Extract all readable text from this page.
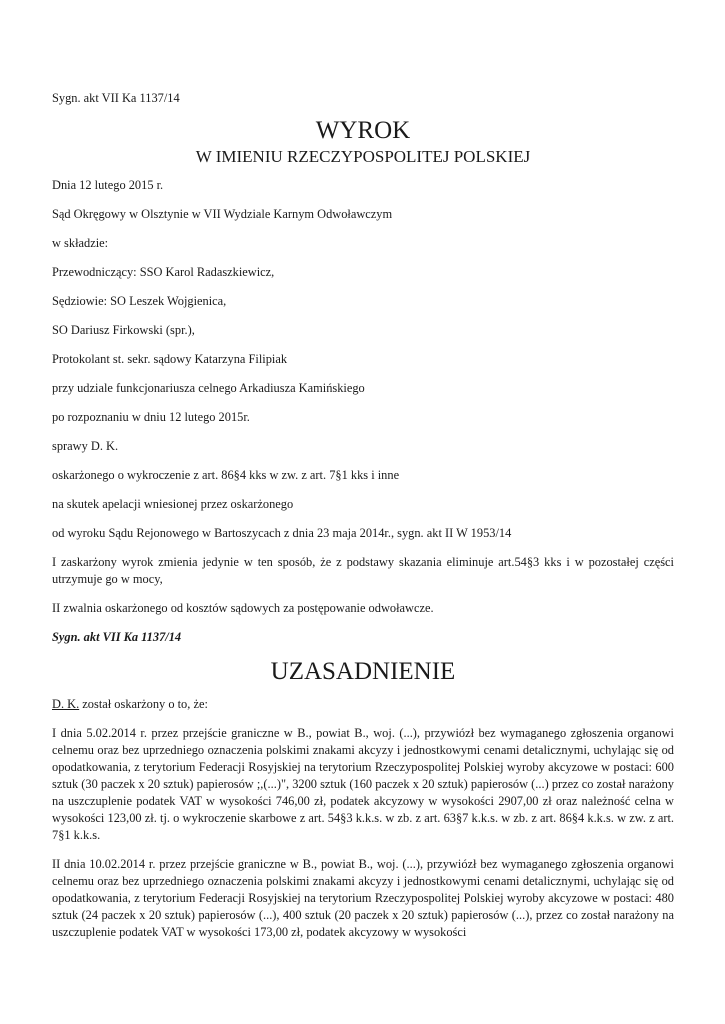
Sygn. akt VII Ka 1137/14

WYROK
W IMIENIU RZECZYPOSPOLITEJ POLSKIEJ

Dnia 12 lutego 2015 r.

Sąd Okręgowy w Olsztynie w VII Wydziale Karnym Odwoławczym

w składzie:

Przewodniczący: SSO Karol Radaszkiewicz,

Sędziowie: SO Leszek Wojgienica,

SO Dariusz Firkowski (spr.),

Protokolant st. sekr. sądowy Katarzyna Filipiak

przy udziale funkcjonariusza celnego Arkadiusza Kamińskiego

po rozpoznaniu w dniu 12 lutego 2015r.

sprawy D. K.

oskarżonego o wykroczenie z art. 86§4 kks w zw. z art. 7§1 kks i inne

na skutek apelacji wniesionej przez oskarżonego

od wyroku Sądu Rejonowego w Bartoszycach z dnia 23 maja 2014r., sygn. akt II W 1953/14

I zaskarżony wyrok zmienia jedynie w ten sposób, że z podstawy skazania eliminuje art.54§3 kks i w pozostałej części utrzymuje go w mocy,

II zwalnia oskarżonego od kosztów sądowych za postępowanie odwoławcze.

Sygn. akt VII Ka 1137/14

UZASADNIENIE

D. K. został oskarżony o to, że:

I dnia 5.02.2014 r. przez przejście graniczne w B., powiat B., woj. (...), przywiózł bez wymaganego zgłoszenia organowi celnemu oraz bez uprzedniego oznaczenia polskimi znakami akcyzy i jednostkowymi cenami detalicznymi, uchylając się od opodatkowania, z terytorium Federacji Rosyjskiej na terytorium Rzeczypospolitej Polskiej wyroby akcyzowe w postaci: 600 sztuk (30 paczek x 20 sztuk) papierosów ;,(...)", 3200 sztuk (160 paczek x 20 sztuk) papierosów (...) przez co został narażony na uszczuplenie podatek VAT w wysokości 746,00 zł, podatek akcyzowy w wysokości 2907,00 zł oraz należność celna w wysokości 123,00 zł. tj. o wykroczenie skarbowe z art. 54§3 k.k.s. w zb. z art. 63§7 k.k.s. w zb. z art. 86§4 k.k.s. w zw. z art. 7§1 k.k.s.

II dnia 10.02.2014 r. przez przejście graniczne w B., powiat B., woj. (...), przywiózł bez wymaganego zgłoszenia organowi celnemu oraz bez uprzedniego oznaczenia polskimi znakami akcyzy i jednostkowymi cenami detalicznymi, uchylając się od opodatkowania, z terytorium Federacji Rosyjskiej na terytorium Rzeczypospolitej Polskiej wyroby akcyzowe w postaci: 480 sztuk (24 paczek x 20 sztuk) papierosów (...), 400 sztuk (20 paczek x 20 sztuk) papierosów (...), przez co został narażony na uszczuplenie podatek VAT w wysokości 173,00 zł, podatek akcyzowy w wysokości
